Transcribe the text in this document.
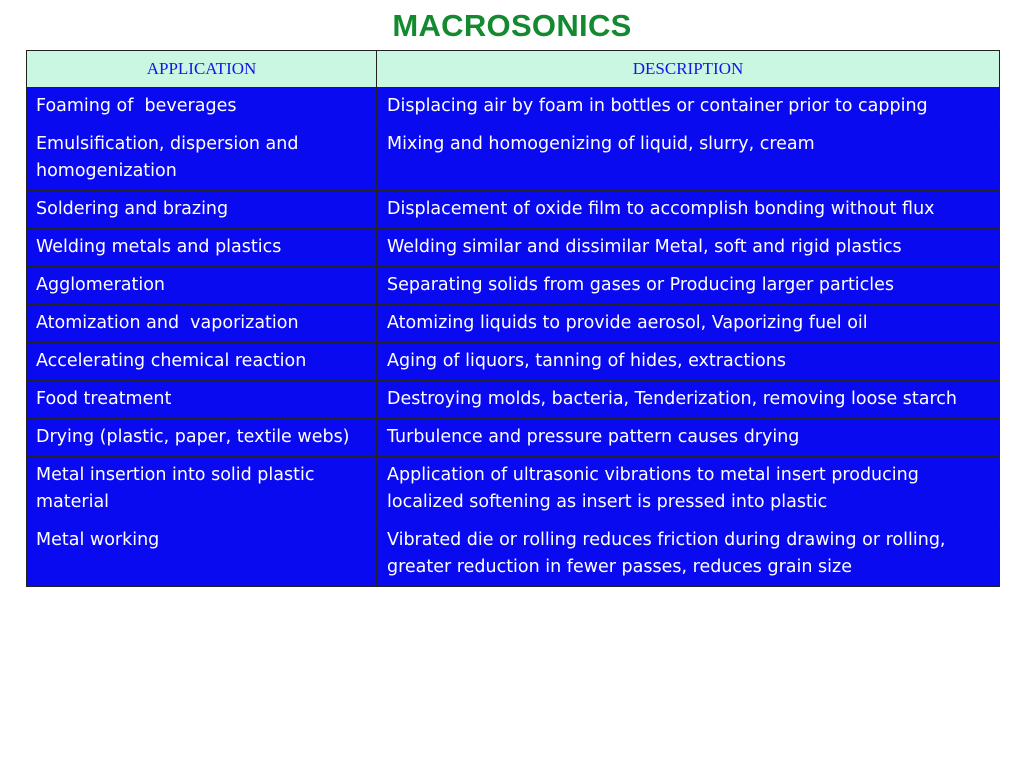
MACROSONICS
APPLICATION	DESCRIPTION
Foaming of  beverages	Displacing air by foam in bottles or container prior to capping
Emulsification, dispersion and homogenization	Mixing and homogenizing of liquid, slurry, cream
Soldering and brazing	Displacement of oxide film to accomplish bonding without flux
Welding metals and plastics	Welding similar and dissimilar Metal, soft and rigid plastics
Agglomeration	Separating solids from gases or Producing larger particles
Atomization and  vaporization	Atomizing liquids to provide aerosol, Vaporizing fuel oil
Accelerating chemical reaction	Aging of liquors, tanning of hides, extractions
Food treatment	Destroying molds, bacteria, Tenderization, removing loose starch
Drying (plastic, paper, textile webs)	Turbulence and pressure pattern causes drying
Metal insertion into solid plastic material	Application of ultrasonic vibrations to metal insert producing localized softening as insert is pressed into plastic
Metal working	Vibrated die or rolling reduces friction during drawing or rolling, greater reduction in fewer passes, reduces grain size
